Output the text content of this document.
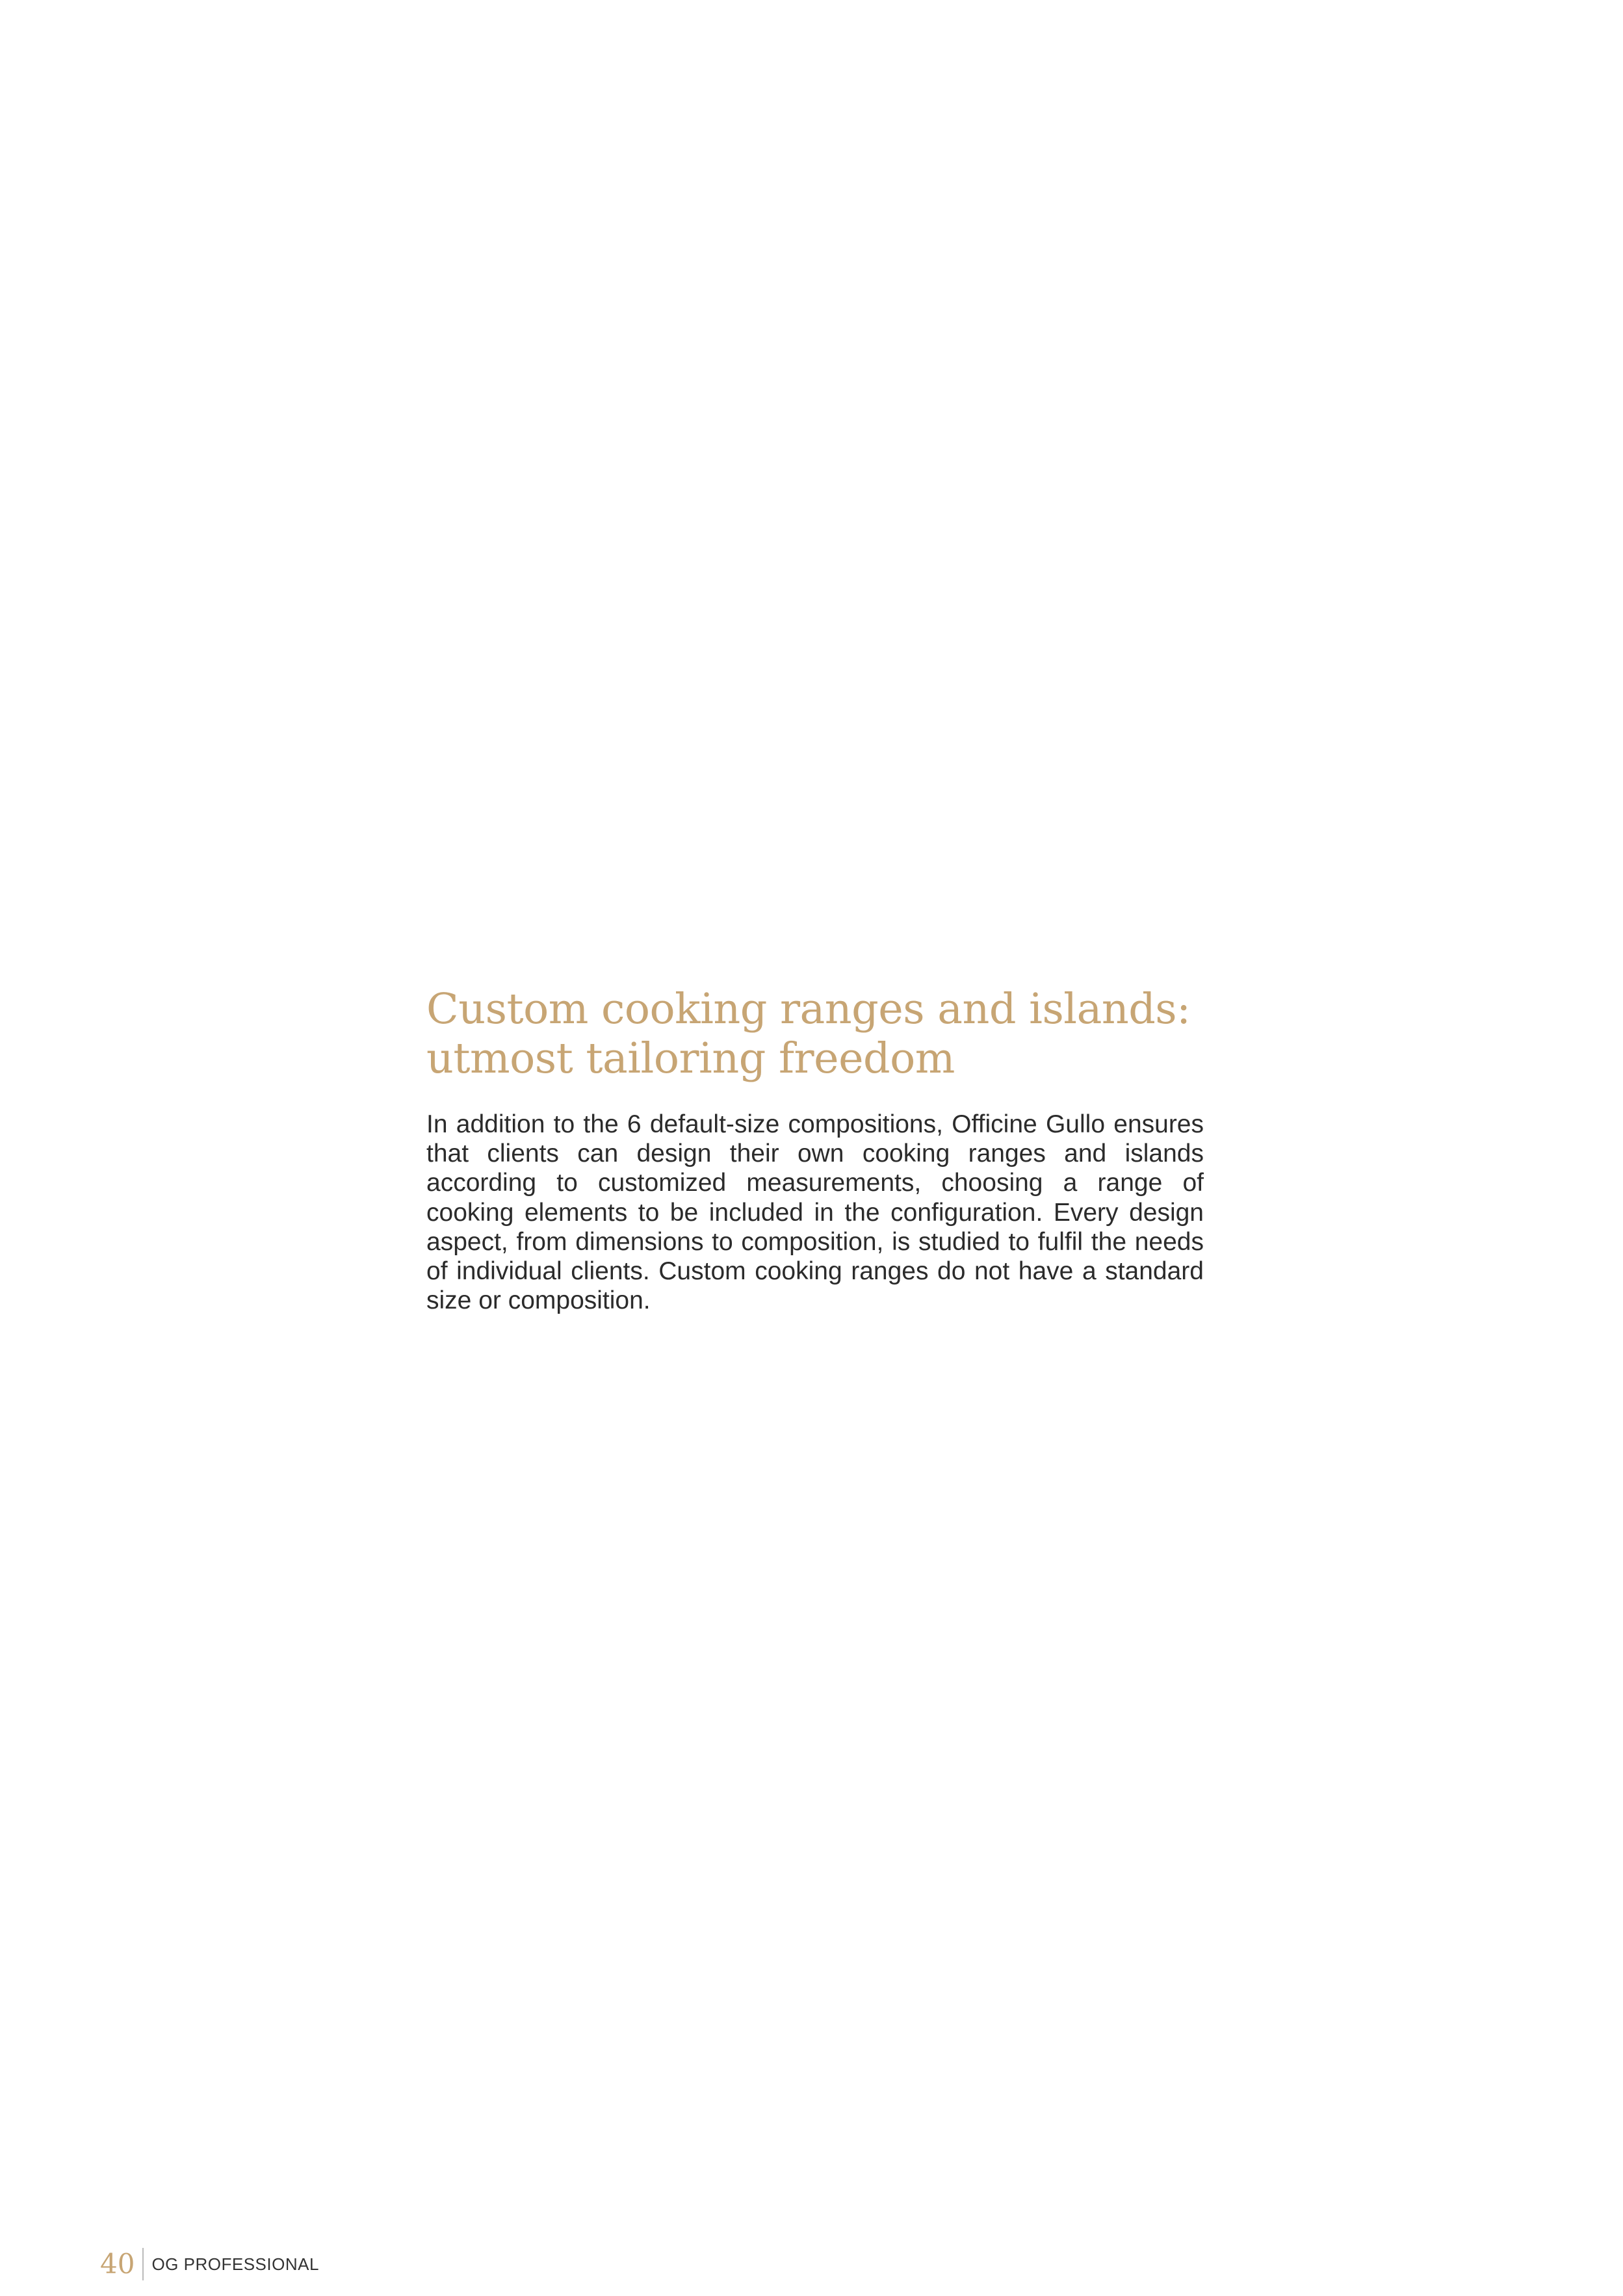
Custom cooking ranges and islands:
utmost tailoring freedom

In addition to the 6 default-size compositions, Officine Gullo ensures that clients can design their own cooking ranges and islands according to customized measurements, choosing a range of cooking elements to be included in the configuration. Every design aspect, from dimensions to composition, is studied to fulfil the needs of individual clients. Custom cooking ranges do not have a standard size or composition.

40 OG PROFESSIONAL
